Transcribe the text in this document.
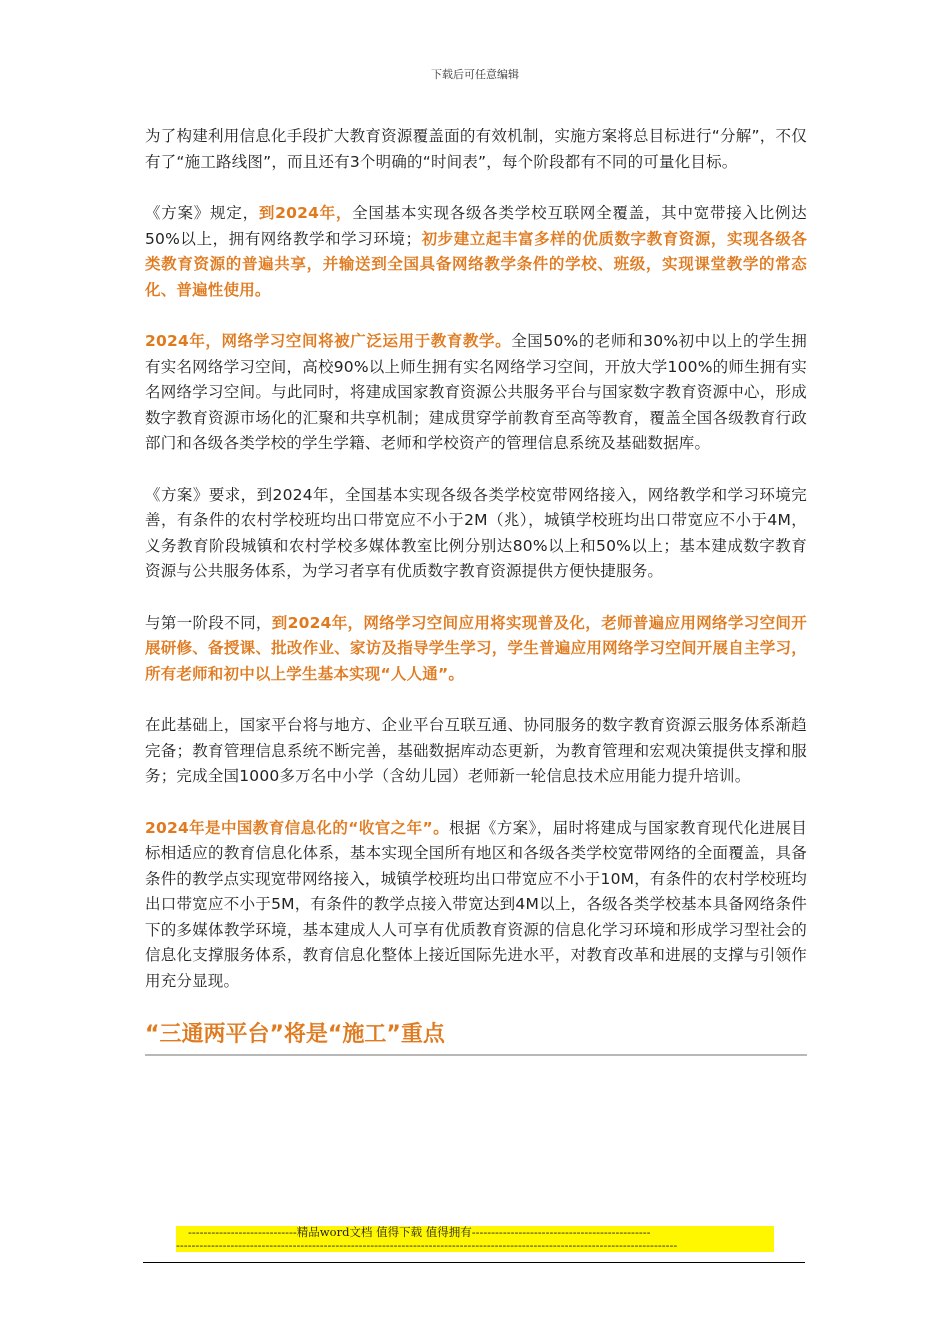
下载后可任意编辑

为了构建利用信息化手段扩大教育资源覆盖面的有效机制，实施方案将总目标进行“分解”，不仅有了“施工路线图”，而且还有3个明确的“时间表”，每个阶段都有不同的可量化目标。

《方案》规定，到2024年，全国基本实现各级各类学校互联网全覆盖，其中宽带接入比例达50%以上，拥有网络教学和学习环境；初步建立起丰富多样的优质数字教育资源，实现各级各类教育资源的普遍共享，并输送到全国具备网络教学条件的学校、班级，实现课堂教学的常态化、普遍性使用。

2024年，网络学习空间将被广泛运用于教育教学。全国50%的老师和30%初中以上的学生拥有实名网络学习空间，高校90%以上师生拥有实名网络学习空间，开放大学100%的师生拥有实名网络学习空间。与此同时，将建成国家教育资源公共服务平台与国家数字教育资源中心，形成数字教育资源市场化的汇聚和共享机制；建成贯穿学前教育至高等教育，覆盖全国各级教育行政部门和各级各类学校的学生学籍、老师和学校资产的管理信息系统及基础数据库。

《方案》要求，到2024年，全国基本实现各级各类学校宽带网络接入，网络教学和学习环境完善，有条件的农村学校班均出口带宽应不小于2M（兆），城镇学校班均出口带宽应不小于4M，义务教育阶段城镇和农村学校多媒体教室比例分别达80%以上和50%以上；基本建成数字教育资源与公共服务体系，为学习者享有优质数字教育资源提供方便快捷服务。

与第一阶段不同，到2024年，网络学习空间应用将实现普及化，老师普遍应用网络学习空间开展研修、备授课、批改作业、家访及指导学生学习，学生普遍应用网络学习空间开展自主学习，所有老师和初中以上学生基本实现“人人通”。

在此基础上，国家平台将与地方、企业平台互联互通、协同服务的数字教育资源云服务体系渐趋完备；教育管理信息系统不断完善，基础数据库动态更新，为教育管理和宏观决策提供支撑和服务；完成全国1000多万名中小学（含幼儿园）老师新一轮信息技术应用能力提升培训。

2024年是中国教育信息化的“收官之年”。根据《方案》，届时将建成与国家教育现代化进展目标相适应的教育信息化体系，基本实现全国所有地区和各级各类学校宽带网络的全面覆盖，具备条件的教学点实现宽带网络接入，城镇学校班均出口带宽应不小于10M，有条件的农村学校班均出口带宽应不小于5M，有条件的教学点接入带宽达到4M以上，各级各类学校基本具备网络条件下的多媒体教学环境，基本建成人人可享有优质教育资源的信息化学习环境和形成学习型社会的信息化支撑服务体系，教育信息化整体上接近国际先进水平，对教育改革和进展的支撑与引领作用充分显现。

“三通两平台”将是“施工”重点
----------------------------精品word文档 值得下载 值得拥有----------------------------------------------
---------------------------------------------------------------------------------------------------------------------------------
